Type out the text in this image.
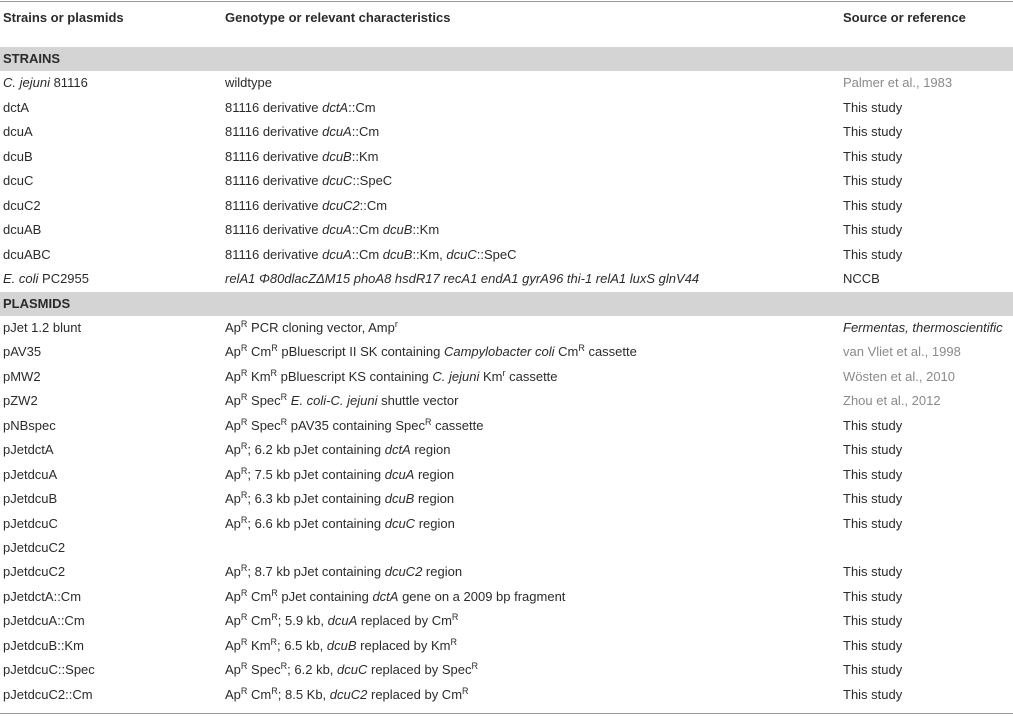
Strains or plasmids	Genotype or relevant characteristics	Source or reference
STRAINS
C. jejuni 81116	wildtype	Palmer et al., 1983
dctA	81116 derivative dctA::Cm	This study
dcuA	81116 derivative dcuA::Cm	This study
dcuB	81116 derivative dcuB::Km	This study
dcuC	81116 derivative dcuC::SpeC	This study
dcuC2	81116 derivative dcuC2::Cm	This study
dcuAB	81116 derivative dcuA::Cm dcuB::Km	This study
dcuABC	81116 derivative dcuA::Cm dcuB::Km, dcuC::SpeC	This study
E. coli PC2955	relA1 Φ80dlacZΔM15 phoA8 hsdR17 recA1 endA1 gyrA96 thi-1 relA1 luxS glnV44	NCCB
PLASMIDS
pJet 1.2 blunt	$Ap^R$ PCR cloning vector, Amp$^r$	Fermentas, thermoscientific
pAV35	$Ap^R$ $Cm^R$ pBluescript II SK containing Campylobacter coli $Cm^R$ cassette	van Vliet et al., 1998
pMW2	$Ap^R$ $Km^R$ pBluescript KS containing C. jejuni Km$^r$ cassette	Wösten et al., 2010
pZW2	$Ap^R$ Spec$^R$ E. coli-C. jejuni shuttle vector	Zhou et al., 2012
pNBspec	$Ap^R$ Spec$^R$ pAV35 containing Spec$^R$ cassette	This study
pJetdctA	$Ap^R$; 6.2 kb pJet containing dctA region	This study
pJetdcuA	$Ap^R$; 7.5 kb pJet containing dcuA region	This study
pJetdcuB	$Ap^R$; 6.3 kb pJet containing dcuB region	This study
pJetdcuC	$Ap^R$; 6.6 kb pJet containing dcuC region	This study
pJetdcuC2
pJetdcuC2	$Ap^R$; 8.7 kb pJet containing dcuC2 region	This study
pJetdctA::Cm	$Ap^R$ $Cm^R$ pJet containing dctA gene on a 2009 bp fragment	This study
pJetdcuA::Cm	$Ap^R$ $Cm^R$; 5.9 kb, dcuA replaced by $Cm^R$	This study
pJetdcuB::Km	$Ap^R$ $Km^R$; 6.5 kb, dcuB replaced by $Km^R$	This study
pJetdcuC::Spec	$Ap^R$ Spec$^R$; 6.2 kb, dcuC replaced by Spec$^R$	This study
pJetdcuC2::Cm	$Ap^R$ $Cm^R$; 8.5 Kb, dcuC2 replaced by $Cm^R$	This study
